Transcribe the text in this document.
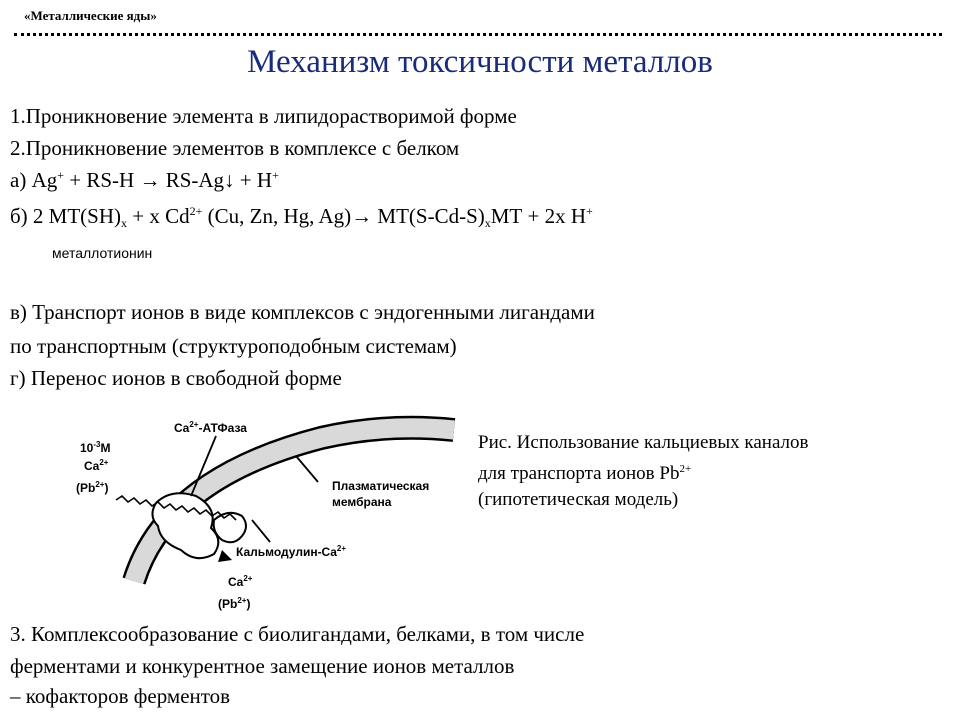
«Металлические яды»
Механизм токсичности металлов
1.Проникновение элемента в липидорастворимой форме
2.Проникновение элементов в комплексе с белком
а) Ag+ + RS-H → RS-Ag↓ + H+
б) 2 $МТ(SH)_x + x$ $Cd^{2+}$ (Cu, Zn, Hg, $Ag)\to МТ(S-Cd-S)_xМТ + 2x$ H+
металлотионин
в) Транспорт ионов в виде комплексов с эндогенными лигандами
по транспортным (структуроподобным системам)
г) Перенос ионов в свободной форме
$10^{-3}M$
$Ca^{2+}$
$(Pb^{2+})$
$Ca^{2+}$-АТФаза
Плазматическая
мембрана
Кальмодулин-$Ca^{2+}$
$Ca^{2+}$
$(Pb^{2+})$
Рис. Использование кальциевых каналов
для транспорта ионов $Pb^{2+}$
(гипотетическая модель)
3. Комплексообразование с биолигандами, белками, в том числе
ферментами и конкурентное замещение ионов металлов
– кофакторов ферментов
